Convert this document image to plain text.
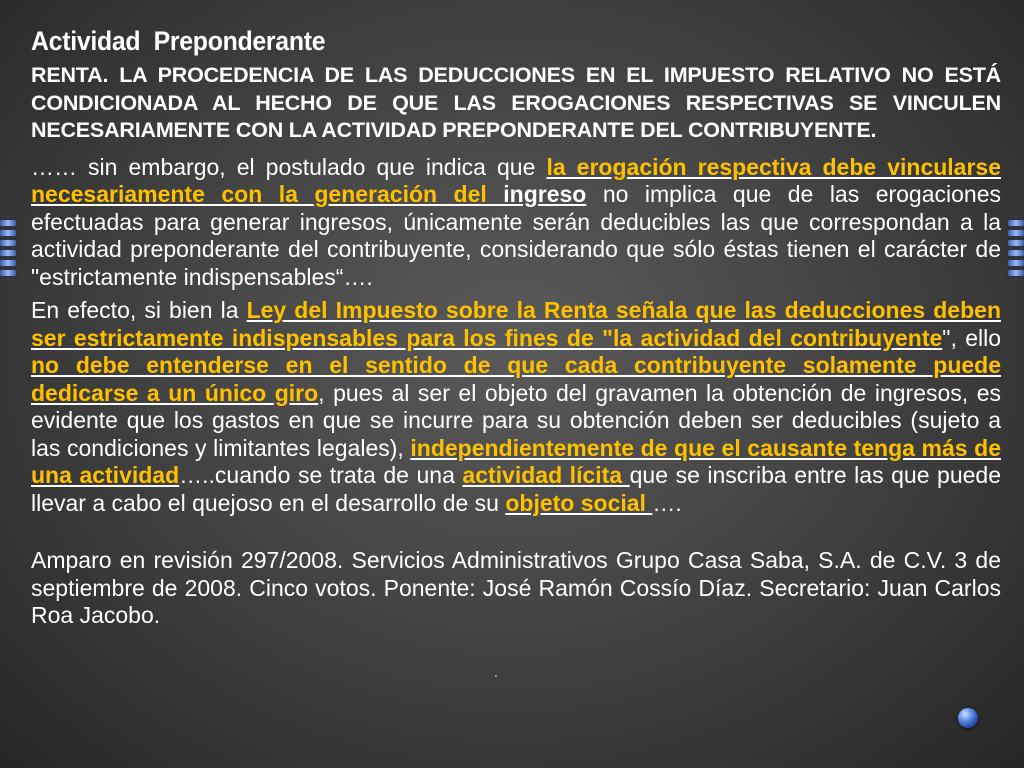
Actividad  Preponderante

RENTA. LA PROCEDENCIA DE LAS DEDUCCIONES EN EL IMPUESTO RELATIVO NO ESTÁ CONDICIONADA AL HECHO DE QUE LAS EROGACIONES RESPECTIVAS SE VINCULEN NECESARIAMENTE CON LA ACTIVIDAD PREPONDERANTE DEL CONTRIBUYENTE.

…… sin embargo, el postulado que indica que la erogación respectiva debe vincularse necesariamente con la generación del ingreso no implica que de las erogaciones efectuadas para generar ingresos, únicamente serán deducibles las que correspondan a la actividad preponderante del contribuyente, considerando que sólo éstas tienen el carácter de "estrictamente indispensables“….

En efecto, si bien la Ley del Impuesto sobre la Renta señala que las deducciones deben ser estrictamente indispensables para los fines de "la actividad del contribuyente", ello no debe entenderse en el sentido de que cada contribuyente solamente puede dedicarse a un único giro, pues al ser el objeto del gravamen la obtención de ingresos, es evidente que los gastos en que se incurre para su obtención deben ser deducibles (sujeto a las condiciones y limitantes legales), independientemente de que el causante tenga más de una actividad…..cuando se trata de una actividad lícita que se inscriba entre las que puede llevar a cabo el quejoso en el desarrollo de su objeto social ….

Amparo en revisión 297/2008. Servicios Administrativos Grupo Casa Saba, S.A. de C.V. 3 de septiembre de 2008. Cinco votos. Ponente: José Ramón Cossío Díaz. Secretario: Juan Carlos Roa Jacobo.

.
